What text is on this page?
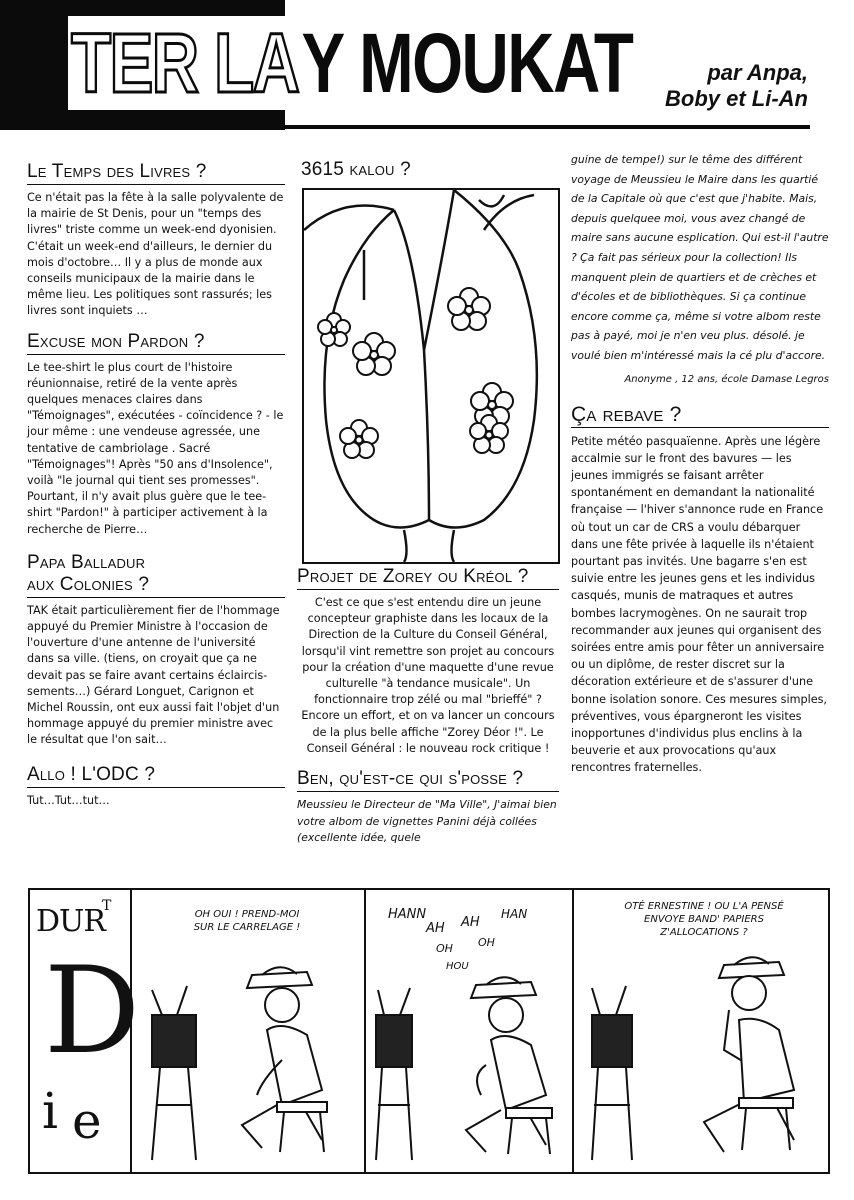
TER LAY MOUKAT	par Anpa,
Boby et Li-An
Le Temps des Livres ?

Ce n'était pas la fête à la salle polyvalente de la mairie de St Denis, pour un "temps des livres" triste comme un week-end dyonisien. C'était un week-end d'ailleurs, le dernier du mois d'octobre… Il y a plus de monde aux conseils municipaux de la mairie dans le même lieu. Les politiques sont rassurés; les livres sont inquiets …

Excuse mon Pardon ?

Le tee-shirt le plus court de l'histoire réunionnaise, retiré de la vente après quelques menaces claires dans "Témoignages", exécutées - coïncidence ? - le jour même : une vendeuse agressée, une tentative de cambriolage . Sacré "Témoignages"! Après "50 ans d'Insolence", voilà "le journal qui tient ses promesses". Pourtant, il n'y avait plus guère que le tee-shirt "Pardon!" à participer activement à la recherche de Pierre…

Papa Balladur
aux Colonies ?

TAK était particulièrement fier de l'hommage appuyé du Premier Ministre à l'occasion de l'ouverture d'une antenne de l'université dans sa ville. (tiens, on croyait que ça ne devait pas se faire avant certains éclaircis-sements…) Gérard Longuet, Carignon et Michel Roussin, ont eux aussi fait l'objet d'un hommage appuyé du premier ministre avec le résultat que l'on sait…

Allo ! L'ODC ?

Tut…Tut…tut…

3615 kalou ?
Projet de Zorey ou Kréol ?

C'est ce que s'est entendu dire un jeune concepteur graphiste dans les locaux de la Direction de la Culture du Conseil Général, lorsqu'il vint remettre son projet au concours pour la création d'une maquette d'une revue culturelle "à tendance musicale". Un fonctionnaire trop zélé ou mal "brieffé" ? Encore un effort, et on va lancer un concours de la plus belle affiche "Zorey Déor !". Le Conseil Général : le nouveau rock critique !

Ben, qu'est-ce qui s'posse ?

Meussieu le Directeur de "Ma Ville", J'aimai bien votre albom de vignettes Panini déjà collées (excellente idée, quele

guine de tempe!) sur le tême des différent voyage de Meussieu le Maire dans les quartié de la Capitale où que c'est que j'habite. Mais, depuis quelquee moi, vous avez changé de maire sans aucune esplication. Qui est-il l'autre ? Ça fait pas sérieux pour la collection! Ils manquent plein de quartiers et de crèches et d'écoles et de bibliothèques. Si ça continue encore comme ça, même si votre albom reste pas à payé, moi je n'en veu plus. désolé. je voulé bien m'intéressé mais la cé plu d'accore.

Anonyme , 12 ans, école Damase Legros

Ça rebave ?

Petite météo pasquaïenne. Après une légère accalmie sur le front des bavures — les jeunes immigrés se faisant arrêter spontanément en demandant la nationalité française — l'hiver s'annonce rude en France où tout un car de CRS a voulu débarquer dans une fête privée à laquelle ils n'étaient pourtant pas invités. Une bagarre s'en est suivie entre les jeunes gens et les individus casqués, munis de matraques et autres bombes lacrymogènes. On ne saurait trop recommander aux jeunes qui organisent des soirées entre amis pour fêter un anniversaire ou un diplôme, de rester discret sur la décoration extérieure et de s'assurer d'une bonne isolation sonore. Ces mesures simples, préventives, vous épargneront les visites inopportunes d'individus plus enclins à la beuverie et aux provocations qu'aux rencontres fraternelles.

DUR
T
D
i e
OH OUI ! PREND-MOI
SUR LE CARRELAGE !
HANN
AH AH
HAN
OH OH
HOU
OTÉ ERNESTINE ! OU L'A PENSÉ
ENVOYE BAND' PAPIERS
Z'ALLOCATIONS ?
